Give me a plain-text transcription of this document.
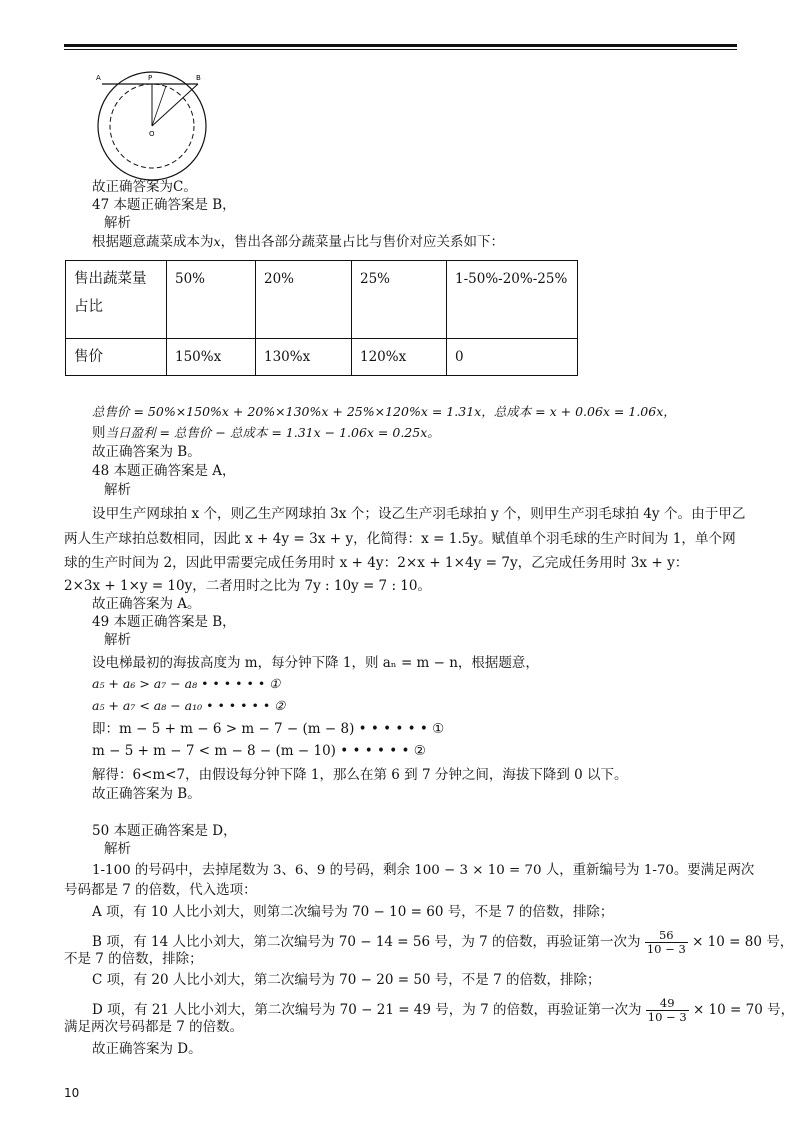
A	P	B
O
故正确答案为C。
47 本题正确答案是 B，
解析
根据题意蔬菜成本为x，售出各部分蔬菜量占比与售价对应关系如下：
售出蔬菜量占比	50%	20%	25%	1-50%-20%-25%
售价	150%x	130%x	120%x	0
总售价 = 50%×150%x + 20%×130%x + 25%×120%x = 1.31x，总成本 = x + 0.06x = 1.06x，
则当日盈利 = 总售价 − 总成本 = 1.31x − 1.06x = 0.25x。
故正确答案为 B。
48 本题正确答案是 A，
解析
设甲生产网球拍 x 个，则乙生产网球拍 3x 个；设乙生产羽毛球拍 y 个，则甲生产羽毛球拍 4y 个。由于甲乙
两人生产球拍总数相同，因此 x + 4y = 3x + y，化简得：x = 1.5y。赋值单个羽毛球的生产时间为 1，单个网
球的生产时间为 2，因此甲需要完成任务用时 x + 4y：2×x + 1×4y = 7y，乙完成任务用时 3x + y：
2×3x + 1×y = 10y，二者用时之比为 7y : 10y = 7 : 10。
故正确答案为 A。
49 本题正确答案是 B，
解析
设电梯最初的海拔高度为 m，每分钟下降 1，则 aₙ = m − n，根据题意，
a₅ + a₆ > a₇ − a₈ • • • • • • ①
a₅ + a₇ < a₈ − a₁₀ • • • • • • ②
即：m − 5 + m − 6 > m − 7 − (m − 8) • • • • • • ①
m − 5 + m − 7 < m − 8 − (m − 10) • • • • • • ②
解得：6<m<7，由假设每分钟下降 1，那么在第 6 到 7 分钟之间，海拔下降到 0 以下。
故正确答案为 B。
50 本题正确答案是 D，
解析
1-100 的号码中，去掉尾数为 3、6、9 的号码，剩余 100 − 3 × 10 = 70 人，重新编号为 1-70。要满足两次
号码都是 7 的倍数，代入选项：
A 项，有 10 人比小刘大，则第二次编号为 70 − 10 = 60 号，不是 7 的倍数，排除；
B 项，有 14 人比小刘大，第二次编号为 70 − 14 = 56 号，为 7 的倍数，再验证第一次为 $\frac{56}{10 - 3} \times 10 = 80$ 号，
不是 7 的倍数，排除；
C 项，有 20 人比小刘大，第二次编号为 70 − 20 = 50 号，不是 7 的倍数，排除；
D 项，有 21 人比小刘大，第二次编号为 70 − 21 = 49 号，为 7 的倍数，再验证第一次为 $\frac{49}{10 - 3} \times 10 = 70$ 号，
满足两次号码都是 7 的倍数。
故正确答案为 D。
10
